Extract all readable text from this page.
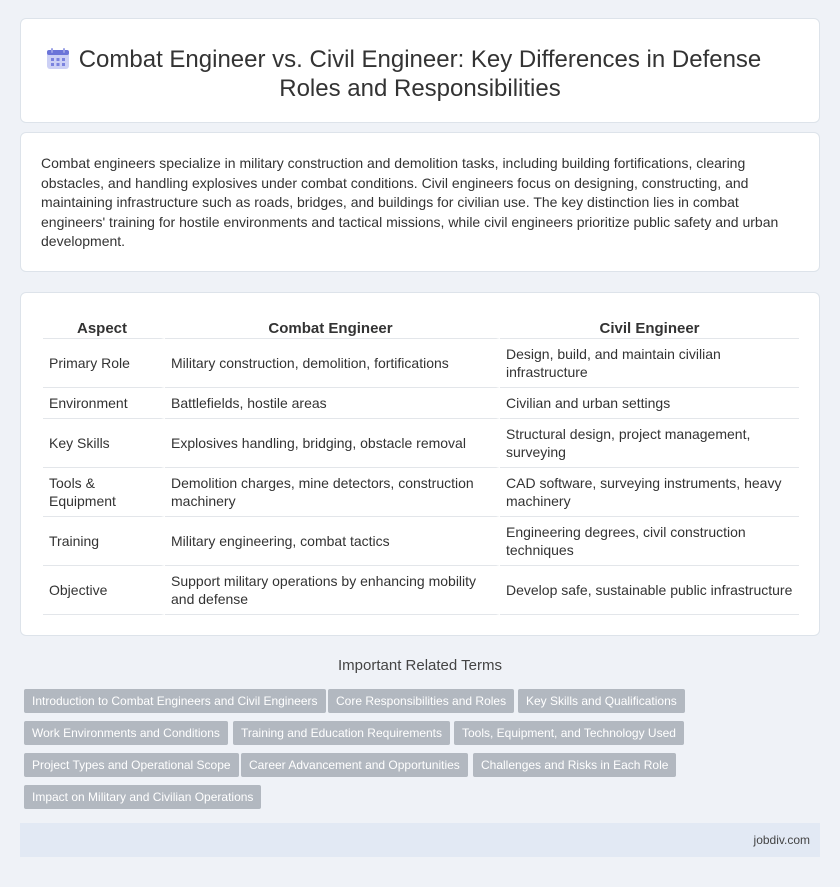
Combat Engineer vs. Civil Engineer: Key Differences in Defense Roles and Responsibilities

Combat engineers specialize in military construction and demolition tasks, including building fortifications, clearing obstacles, and handling explosives under combat conditions. Civil engineers focus on designing, constructing, and maintaining infrastructure such as roads, bridges, and buildings for civilian use. The key distinction lies in combat engineers' training for hostile environments and tactical missions, while civil engineers prioritize public safety and urban development.

Aspect	Combat Engineer	Civil Engineer
Primary Role	Military construction, demolition, fortifications	Design, build, and maintain civilian infrastructure
Environment	Battlefields, hostile areas	Civilian and urban settings
Key Skills	Explosives handling, bridging, obstacle removal	Structural design, project management, surveying
Tools & Equipment	Demolition charges, mine detectors, construction machinery	CAD software, surveying instruments, heavy machinery
Training	Military engineering, combat tactics	Engineering degrees, civil construction techniques
Objective	Support military operations by enhancing mobility and defense	Develop safe, sustainable public infrastructure
Important Related Terms
Introduction to Combat Engineers and Civil Engineers	Core Responsibilities and Roles	Key Skills and Qualifications
Work Environments and Conditions	Training and Education Requirements	Tools, Equipment, and Technology Used
Project Types and Operational Scope	Career Advancement and Opportunities	Challenges and Risks in Each Role
Impact on Military and Civilian Operations
jobdiv.com
